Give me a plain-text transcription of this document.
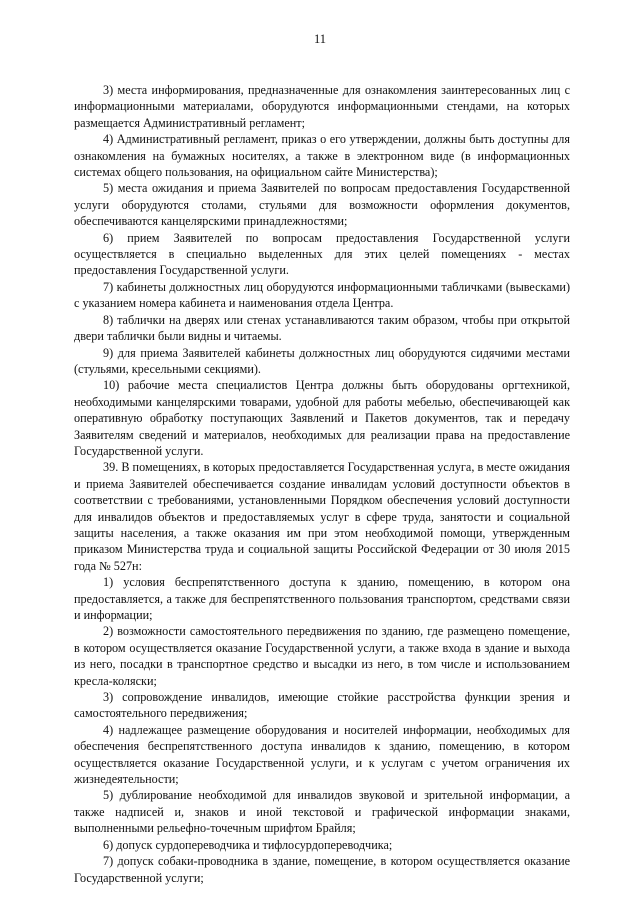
11

3) места информирования, предназначенные для ознакомления заинтересованных лиц с информационными материалами, оборудуются информационными стендами, на которых размещается Административный регламент;

4) Административный регламент, приказ о его утверждении, должны быть доступны для ознакомления на бумажных носителях, а также в электронном виде (в информационных системах общего пользования, на официальном сайте Министерства);

5) места ожидания и приема Заявителей по вопросам предоставления Государственной услуги оборудуются столами, стульями для возможности оформления документов, обеспечиваются канцелярскими принадлежностями;

6) прием Заявителей по вопросам предоставления Государственной услуги осуществляется в специально выделенных для этих целей помещениях - местах предоставления Государственной услуги.

7) кабинеты должностных лиц оборудуются информационными табличками (вывесками) с указанием номера кабинета и наименования отдела Центра.

8) таблички на дверях или стенах устанавливаются таким образом, чтобы при открытой двери таблички были видны и читаемы.

9) для приема Заявителей кабинеты должностных лиц оборудуются сидячими местами (стульями, кресельными секциями).

10) рабочие места специалистов Центра должны быть оборудованы оргтехникой, необходимыми канцелярскими товарами, удобной для работы мебелью, обеспечивающей как оперативную обработку поступающих Заявлений и Пакетов документов, так и передачу Заявителям сведений и материалов, необходимых для реализации права на предоставление Государственной услуги.

39. В помещениях, в которых предоставляется Государственная услуга, в месте ожидания и приема Заявителей обеспечивается создание инвалидам условий доступности объектов в соответствии с требованиями, установленными Порядком обеспечения условий доступности для инвалидов объектов и предоставляемых услуг в сфере труда, занятости и социальной защиты населения, а также оказания им при этом необходимой помощи, утвержденным приказом Министерства труда и социальной защиты Российской Федерации от 30 июля 2015 года № 527н:

1) условия беспрепятственного доступа к зданию, помещению, в котором она предоставляется, а также для беспрепятственного пользования транспортом, средствами связи и информации;

2) возможности самостоятельного передвижения по зданию, где размещено помещение, в котором осуществляется оказание Государственной услуги, а также входа в здание и выхода из него, посадки в транспортное средство и высадки из него, в том числе и использованием кресла-коляски;

3) сопровождение инвалидов, имеющие стойкие расстройства функции зрения и самостоятельного передвижения;

4) надлежащее размещение оборудования и носителей информации, необходимых для обеспечения беспрепятственного доступа инвалидов к зданию, помещению, в котором осуществляется оказание Государственной услуги, и к услугам с учетом ограничения их жизнедеятельности;

5) дублирование необходимой для инвалидов звуковой и зрительной информации, а также надписей и, знаков и иной текстовой и графической информации знаками, выполненными рельефно-точечным шрифтом Брайля;

6) допуск сурдопереводчика и тифлосурдопереводчика;

7) допуск собаки-проводника в здание, помещение, в котором осуществляется оказание Государственной услуги;
